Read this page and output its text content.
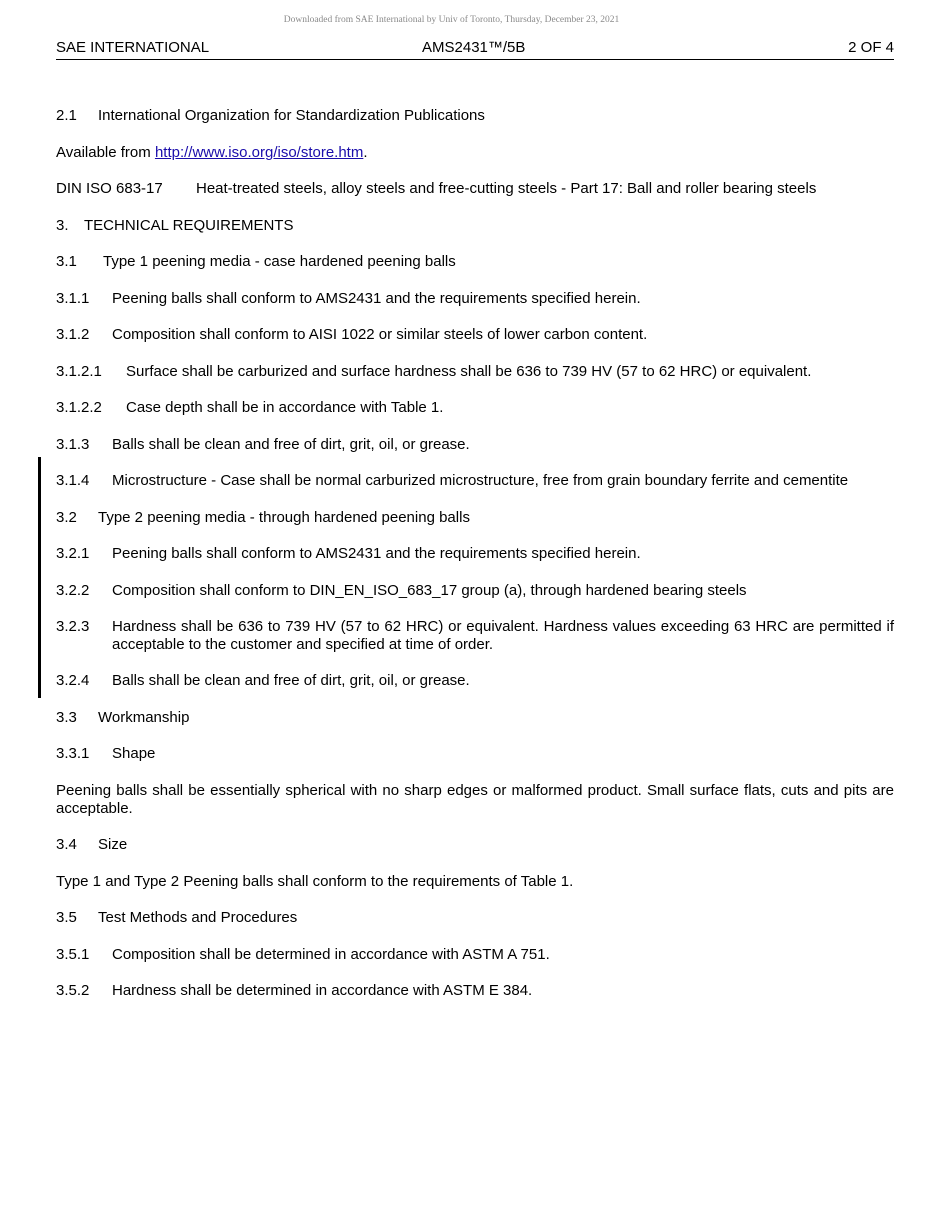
Downloaded from SAE International by Univ of Toronto, Thursday, December 23, 2021
SAE INTERNATIONAL	AMS2431™/5B	2 OF 4
2.1 International Organization for Standardization Publications
Available from http://www.iso.org/iso/store.htm.
DIN ISO 683-17 Heat-treated steels, alloy steels and free-cutting steels - Part 17: Ball and roller bearing steels
3. TECHNICAL REQUIREMENTS
3.1 Type 1 peening media - case hardened peening balls
3.1.1 Peening balls shall conform to AMS2431 and the requirements specified herein.
3.1.2 Composition shall conform to AISI 1022 or similar steels of lower carbon content.
3.1.2.1 Surface shall be carburized and surface hardness shall be 636 to 739 HV (57 to 62 HRC) or equivalent.
3.1.2.2 Case depth shall be in accordance with Table 1.
3.1.3 Balls shall be clean and free of dirt, grit, oil, or grease.
3.1.4 Microstructure - Case shall be normal carburized microstructure, free from grain boundary ferrite and cementite
3.2 Type 2 peening media - through hardened peening balls
3.2.1 Peening balls shall conform to AMS2431 and the requirements specified herein.
3.2.2 Composition shall conform to DIN_EN_ISO_683_17 group (a), through hardened bearing steels
3.2.3 Hardness shall be 636 to 739 HV (57 to 62 HRC) or equivalent. Hardness values exceeding 63 HRC are permitted if acceptable to the customer and specified at time of order.
3.2.4 Balls shall be clean and free of dirt, grit, oil, or grease.
3.3 Workmanship
3.3.1 Shape
Peening balls shall be essentially spherical with no sharp edges or malformed product. Small surface flats, cuts and pits are acceptable.
3.4 Size
Type 1 and Type 2 Peening balls shall conform to the requirements of Table 1.
3.5 Test Methods and Procedures
3.5.1 Composition shall be determined in accordance with ASTM A 751.
3.5.2 Hardness shall be determined in accordance with ASTM E 384.
